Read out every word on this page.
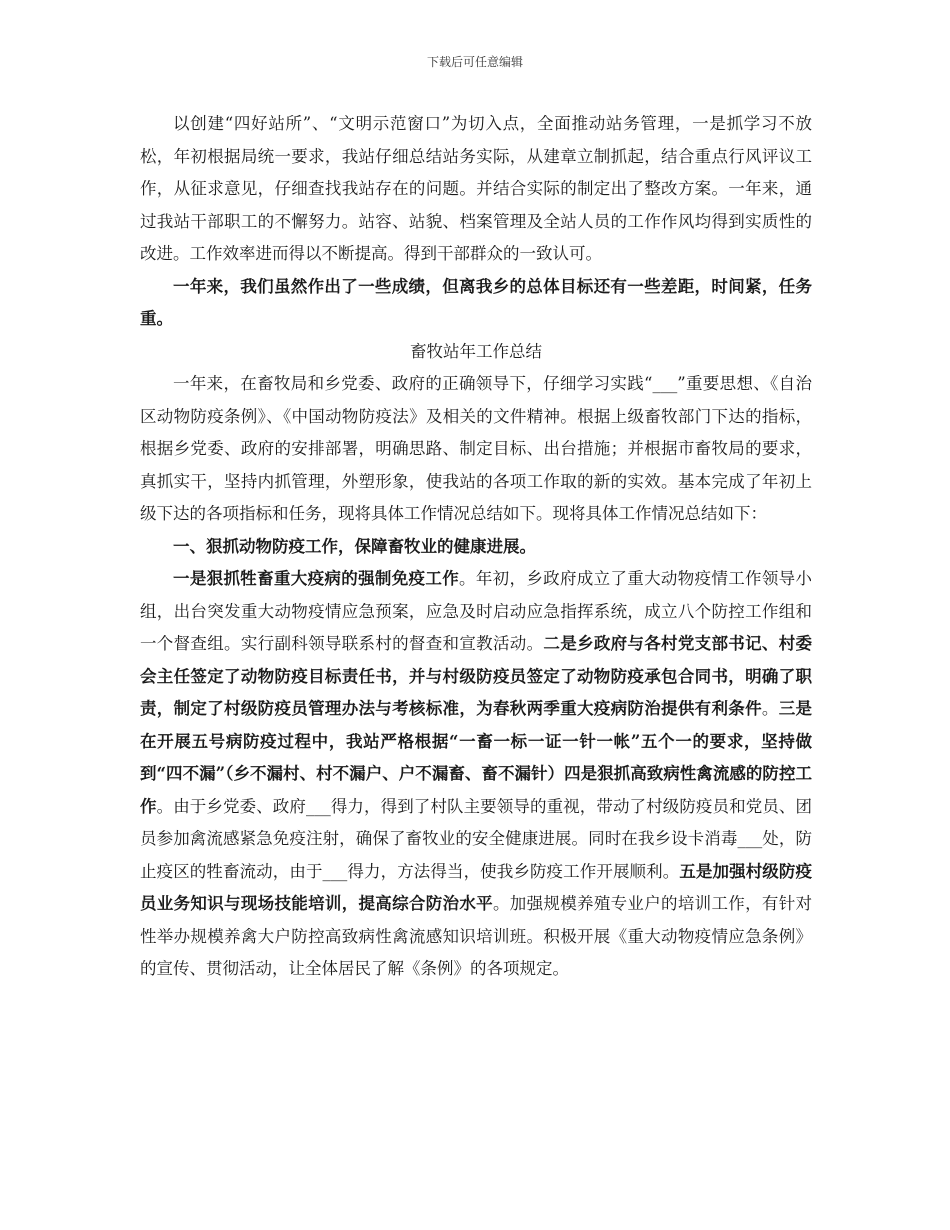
下载后可任意编辑

以创建“四好站所”、“文明示范窗口”为切入点，全面推动站务管理，一是抓学习不放松，年初根据局统一要求，我站仔细总结站务实际，从建章立制抓起，结合重点行风评议工作，从征求意见，仔细查找我站存在的问题。并结合实际的制定出了整改方案。一年来，通过我站干部职工的不懈努力。站容、站貌、档案管理及全站人员的工作作风均得到实质性的改进。工作效率进而得以不断提高。得到干部群众的一致认可。

一年来，我们虽然作出了一些成绩，但离我乡的总体目标还有一些差距，时间紧，任务重。

畜牧站年工作总结

一年来，在畜牧局和乡党委、政府的正确领导下，仔细学习实践“___”重要思想、《自治区动物防疫条例》、《中国动物防疫法》及相关的文件精神。根据上级畜牧部门下达的指标，根据乡党委、政府的安排部署，明确思路、制定目标、出台措施；并根据市畜牧局的要求，真抓实干，坚持内抓管理，外塑形象，使我站的各项工作取的新的实效。基本完成了年初上级下达的各项指标和任务，现将具体工作情况总结如下。现将具体工作情况总结如下：

一、狠抓动物防疫工作，保障畜牧业的健康进展。

一是狠抓牲畜重大疫病的强制免疫工作。年初，乡政府成立了重大动物疫情工作领导小组，出台突发重大动物疫情应急预案，应急及时启动应急指挥系统，成立八个防控工作组和一个督查组。实行副科领导联系村的督查和宣教活动。二是乡政府与各村党支部书记、村委会主任签定了动物防疫目标责任书，并与村级防疫员签定了动物防疫承包合同书，明确了职责，制定了村级防疫员管理办法与考核标准，为春秋两季重大疫病防治提供有利条件。三是在开展五号病防疫过程中，我站严格根据“一畜一标一证一针一帐”五个一的要求，坚持做到“四不漏”（乡不漏村、村不漏户、户不漏畜、畜不漏针）四是狠抓高致病性禽流感的防控工作。由于乡党委、政府___得力，得到了村队主要领导的重视，带动了村级防疫员和党员、团员参加禽流感紧急免疫注射，确保了畜牧业的安全健康进展。同时在我乡设卡消毒___处，防止疫区的牲畜流动，由于___得力，方法得当，使我乡防疫工作开展顺利。五是加强村级防疫员业务知识与现场技能培训，提高综合防治水平。加强规模养殖专业户的培训工作，有针对性举办规模养禽大户防控高致病性禽流感知识培训班。积极开展《重大动物疫情应急条例》的宣传、贯彻活动，让全体居民了解《条例》的各项规定。
